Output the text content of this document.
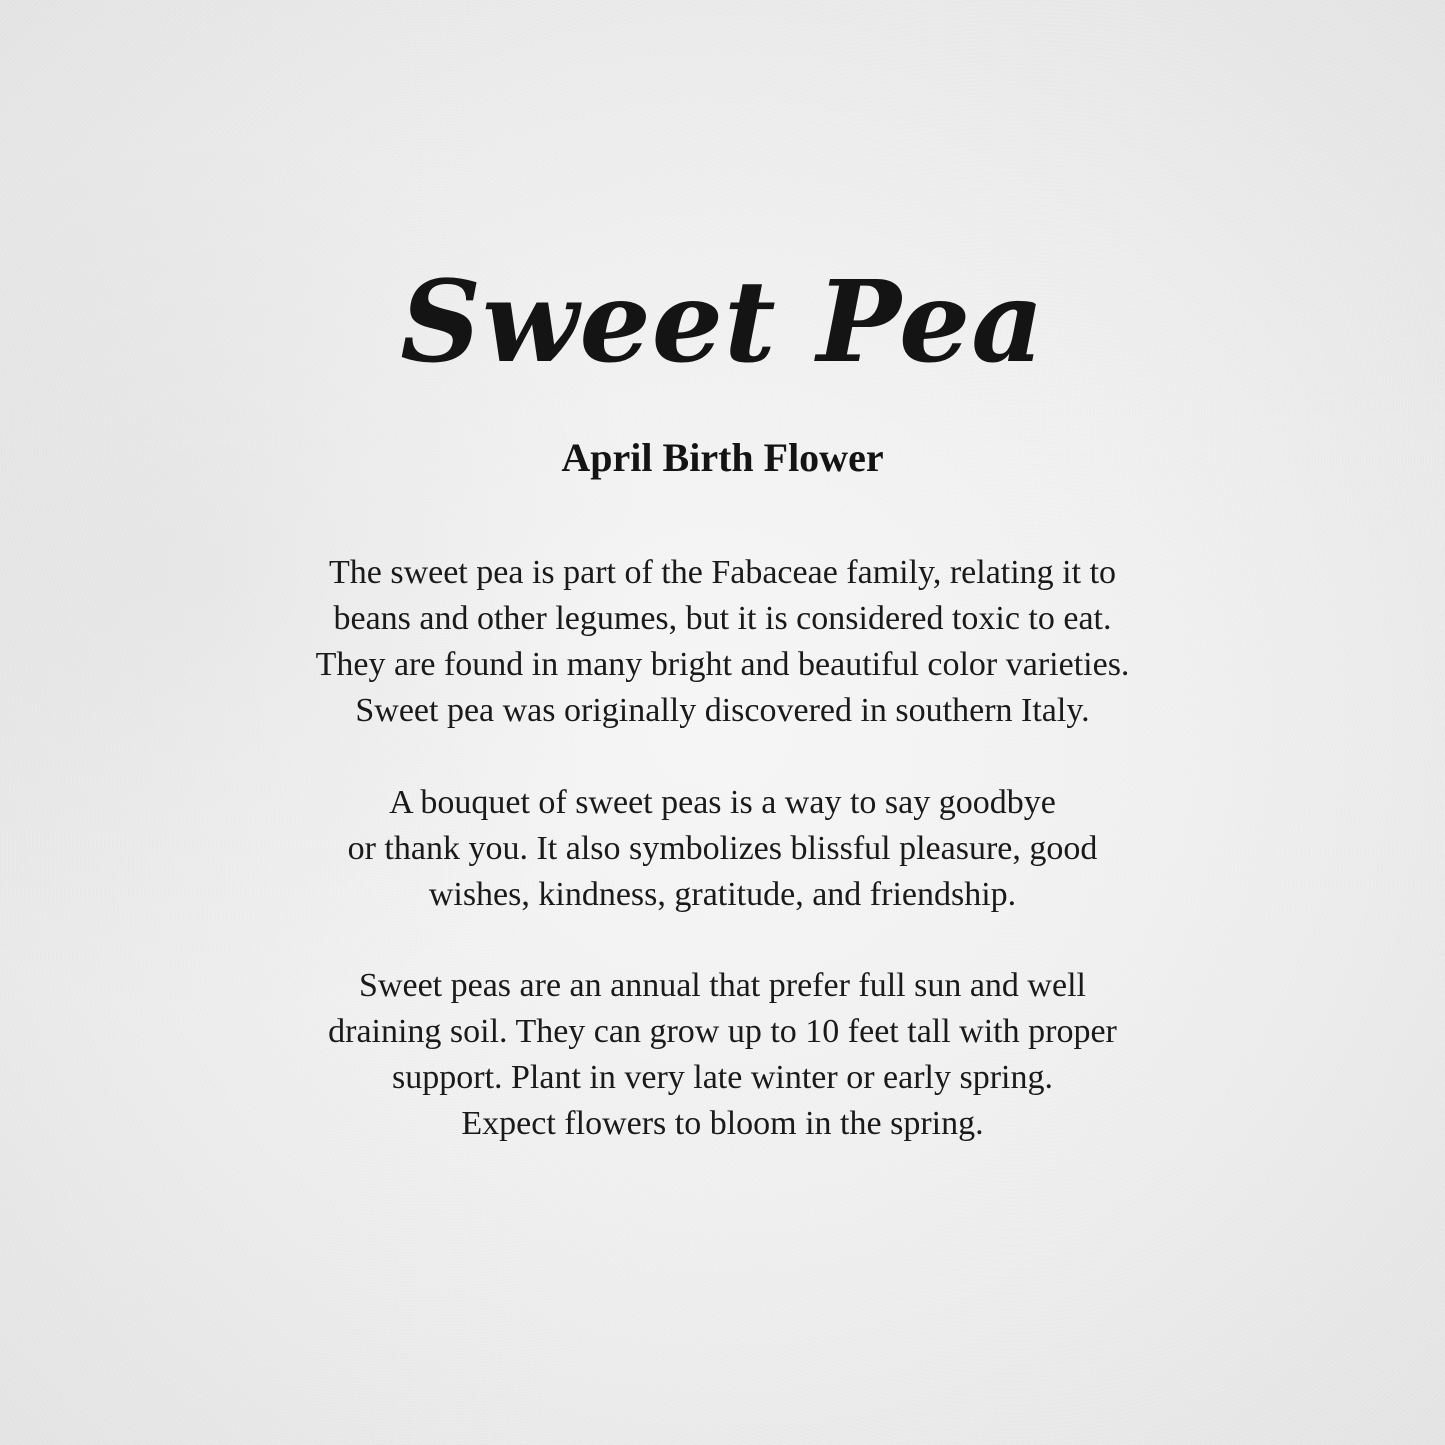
Sweet Pea
April Birth Flower

The sweet pea is part of the Fabaceae family, relating it to
beans and other legumes, but it is considered toxic to eat.
They are found in many bright and beautiful color varieties.
Sweet pea was originally discovered in southern Italy.

A bouquet of sweet peas is a way to say goodbye
or thank you. It also symbolizes blissful pleasure, good
wishes, kindness, gratitude, and friendship.

Sweet peas are an annual that prefer full sun and well
draining soil. They can grow up to 10 feet tall with proper
support. Plant in very late winter or early spring.
Expect flowers to bloom in the spring.
